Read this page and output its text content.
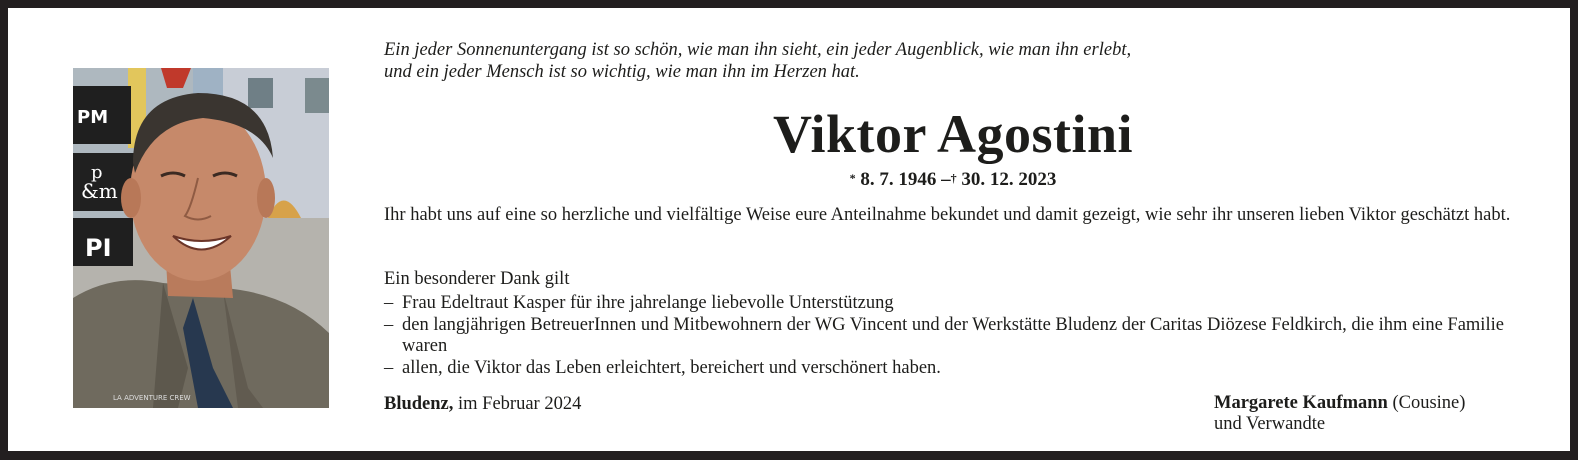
PM
p
&m
PI
LA ADVENTURE CREW

Ein jeder Sonnenuntergang ist so schön, wie man ihn sieht, ein jeder Augenblick, wie man ihn erlebt,
und ein jeder Mensch ist so wichtig, wie man ihn im Herzen hat.

Viktor Agostini
* 8. 7. 1946 –† 30. 12. 2023

Ihr habt uns auf eine so herzliche und vielfältige Weise eure Anteilnahme bekundet und damit gezeigt, wie sehr ihr unseren lieben Viktor geschätzt habt.

Ein besonderer Dank gilt

– Frau Edeltraut Kasper für ihre jahrelange liebevolle Unterstützung
– den langjährigen BetreuerInnen und Mitbewohnern der WG Vincent und der Werkstätte Bludenz der Caritas Diözese Feldkirch, die ihm eine Familie waren
– allen, die Viktor das Leben erleichtert, bereichert und verschönert haben.
Bludenz, im Februar 2024	Margarete Kaufmann (Cousine)
und Verwandte
